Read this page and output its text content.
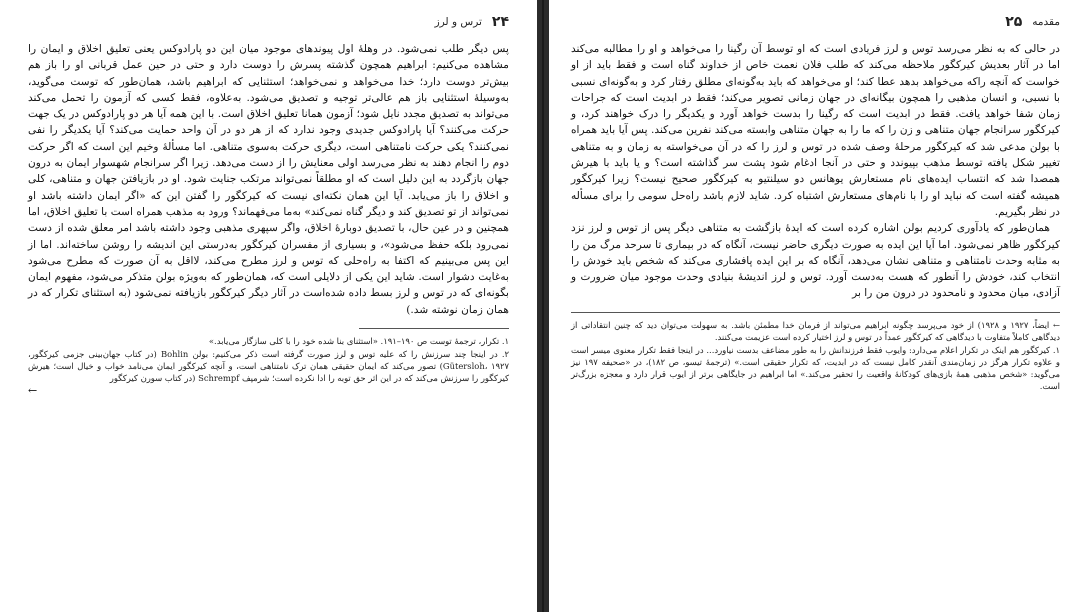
۲۴
ترس و لرز

پس دیگر طلب نمی‌شود. در وهلهٔ اول پیوندهای موجود میان این دو پارادوکس یعنی تعلیق اخلاق و ایمان را مشاهده می‌کنیم: ابراهیم همچون گذشته پسرش را دوست دارد و حتی در حین عمل قربانی او را باز هم بیش‌تر دوست دارد؛ خدا می‌خواهد و نمی‌خواهد؛ استثنایی که ابراهیم باشد، همان‌طور که توست می‌گوید، به‌وسیلهٔ استثنایی باز هم عالی‌تر توجیه و تصدیق می‌شود. به‌علاوه، فقط کسی که آزمون را تحمل می‌کند می‌تواند به تصدیق مجدد نایل شود؛ آزمون همانا تعلیق اخلاق است. با این همه آیا هر دو پارادوکس در یک جهت حرکت می‌کنند؟ آیا پارادوکس جدیدی وجود ندارد که از هر دو در آن واحد حمایت می‌کند؟ آیا یکدیگر را نفی نمی‌کنند؟ یکی حرکت نامتناهی است، دیگری حرکت به‌سوی متناهی. اما مسألهٔ وخیم این است که اگر حرکت دوم را انجام دهند به نظر می‌رسد اولی معنایش را از دست می‌دهد. زیرا اگر سرانجام شهسوار ایمان به درون جهان بازگردد به این دلیل است که او مطلقاً نمی‌تواند مرتکب جنایت شود. او در بازیافتن جهان و متناهی، کلی و اخلاق را باز می‌یابد. آیا این همان نکته‌ای نیست که کیرکگور را گفتن این که «اگر ایمان داشته باشد او نمی‌تواند از تو تصدیق کند و دیگر گناه نمی‌کند» به‌ما می‌فهماند؟ ورود به مذهب همراه است با تعلیق اخلاق، اما همچنین و در عین حال، با تصدیق دوبارهٔ اخلاق، واگر سپهری مذهبی وجود داشته باشد امر معلق شده از دست نمی‌رود بلکه حفظ می‌شود»، و بسیاری از مفسران کیرکگور به‌درستی این اندیشه را روشن ساخته‌اند. اما از این پس می‌بینیم که اکتفا به راه‌حلی که توس و لرز مطرح می‌کند، لااقل به آن صورت که مطرح می‌شود به‌غایت دشوار است. شاید این یکی از دلایلی است که، همان‌طور که به‌ویژه بولن متذکر می‌شود، مفهوم ایمان بگونه‌ای که در توس و لرز بسط داده شده‌است در آثار دیگر کیرکگور بازیافته نمی‌شود (به استثنای تکرار که در همان زمان نوشته شد.)

۱. تکرار، ترجمهٔ توست ص ۱۹۰–۱۹۱. «استثنای بنا شده خود را با کلی سازگار می‌یابد.»

۲. در اینجا چند سرزنش را که علیه توس و لرز صورت گرفته است ذکر می‌کنیم: بولن Bohlin (در کتاب جهان‌بینی جزمی کیرکگور، Gütersloh، ۱۹۲۷) تصور می‌کند که ایمان حقیقی همان ترک نامتناهی است، و آنچه کیرکگور ایمان می‌نامد خواب و خیال است؛ هیرش کیرکگور را سرزنش می‌کند که در این اثر حق توبه را ادا نکرده است؛ شرمپف Schrempf (در کتاب سورن کیرکگور

←
مقدمه
۲۵

در حالی که به نظر می‌رسد توس و لرز فریادی است که او توسط آن رگینا را می‌خواهد و او را مطالبه می‌کند اما در آثار بعدیش کیرکگور ملاحظه می‌کند که طلب فلان نعمت خاص از خداوند گناه است و فقط باید از او خواست که آنچه راکه می‌خواهد بدهد عطا کند؛ او می‌خواهد که باید به‌گونه‌ای مطلق رفتار کرد و به‌گونه‌ای نسبی با نسبی، و انسان مذهبی را همچون بیگانه‌ای در جهان زمانی تصویر می‌کند؛ فقط در ابدیت است که جراحات زمان شفا خواهد یافت. فقط در ابدیت است که رگینا را بدست خواهد آورد و یکدیگر را درک خواهند کرد، و کیرکگور سرانجام جهان متناهی و زن را که ما را به جهان متناهی وابسته می‌کند نفرین می‌کند. پس آیا باید همراه با بولن مدعی شد که کیرکگور مرحلهٔ وصف شده در توس و لرز را که در آن می‌خواسته به زمان و به متناهی تغییر شکل یافته توسط مذهب بپیوندد و حتی در آنجا ادغام شود پشت سر گذاشته است؟ و یا باید با هیرش همصدا شد که انتساب ایده‌های نام مستعارش یوهانس دو سیلنتیو به کیرکگور صحیح نیست؟ زیرا کیرکگور همیشه گفته است که نباید او را با نام‌های مستعارش اشتباه کرد. شاید لازم باشد راه‌حل سومی را برای مسأله در نظر بگیریم.

همان‌طور که یادآوری کردیم بولن اشاره کرده است که ایدهٔ بازگشت به متناهی دیگر پس از توس و لرز نزد کیرکگور ظاهر نمی‌شود. اما آیا این ایده به صورت دیگری حاضر نیست، آنگاه که در بیماری تا سرحد مرگ من را به مثابه وحدت نامتناهی و متناهی نشان می‌دهد، آنگاه که بر این ایده پافشاری می‌کند که شخص باید خودش را انتخاب کند، خودش را آنطور که هست به‌دست آورد. توس و لرز اندیشهٔ بنیادی وحدت موجود میان ضرورت و آزادی، میان محدود و نامحدود در درون من را بر

← ایضاً، ۱۹۲۷ و ۱۹۲۸) از خود می‌پرسد چگونه ابراهیم می‌تواند از فرمان خدا مطمئن باشد. به سهولت می‌توان دید که چنین انتقاداتی از دیدگاهی کاملاً متفاوت با دیدگاهی که کیرکگور عمداً در توس و لرز اختیار کرده است عزیمت می‌کنند.

۱. کیرکگور هم اینک در تکرار اعلام می‌دارد: وایوب فقط فرزندانش را به طور مضاعف بدست نیاورد... در اینجا فقط تکرار معنوی میسر است و علاوه تکرار هرگز در زمان‌مندی آنقدر کامل نیست که در ابدیت، که تکرار حقیقی است.» (ترجمهٔ تیسو، ص ۱۸۲)، در «صحیفه ۱۹۷ نیز می‌گوید: «شخص مذهبی همهٔ بازی‌های کودکانهٔ واقعیت را تحقیر می‌کند.» اما ابراهیم در جایگاهی برتر از ایوب قرار دارد و معجزه بزرگ‌تر است.
